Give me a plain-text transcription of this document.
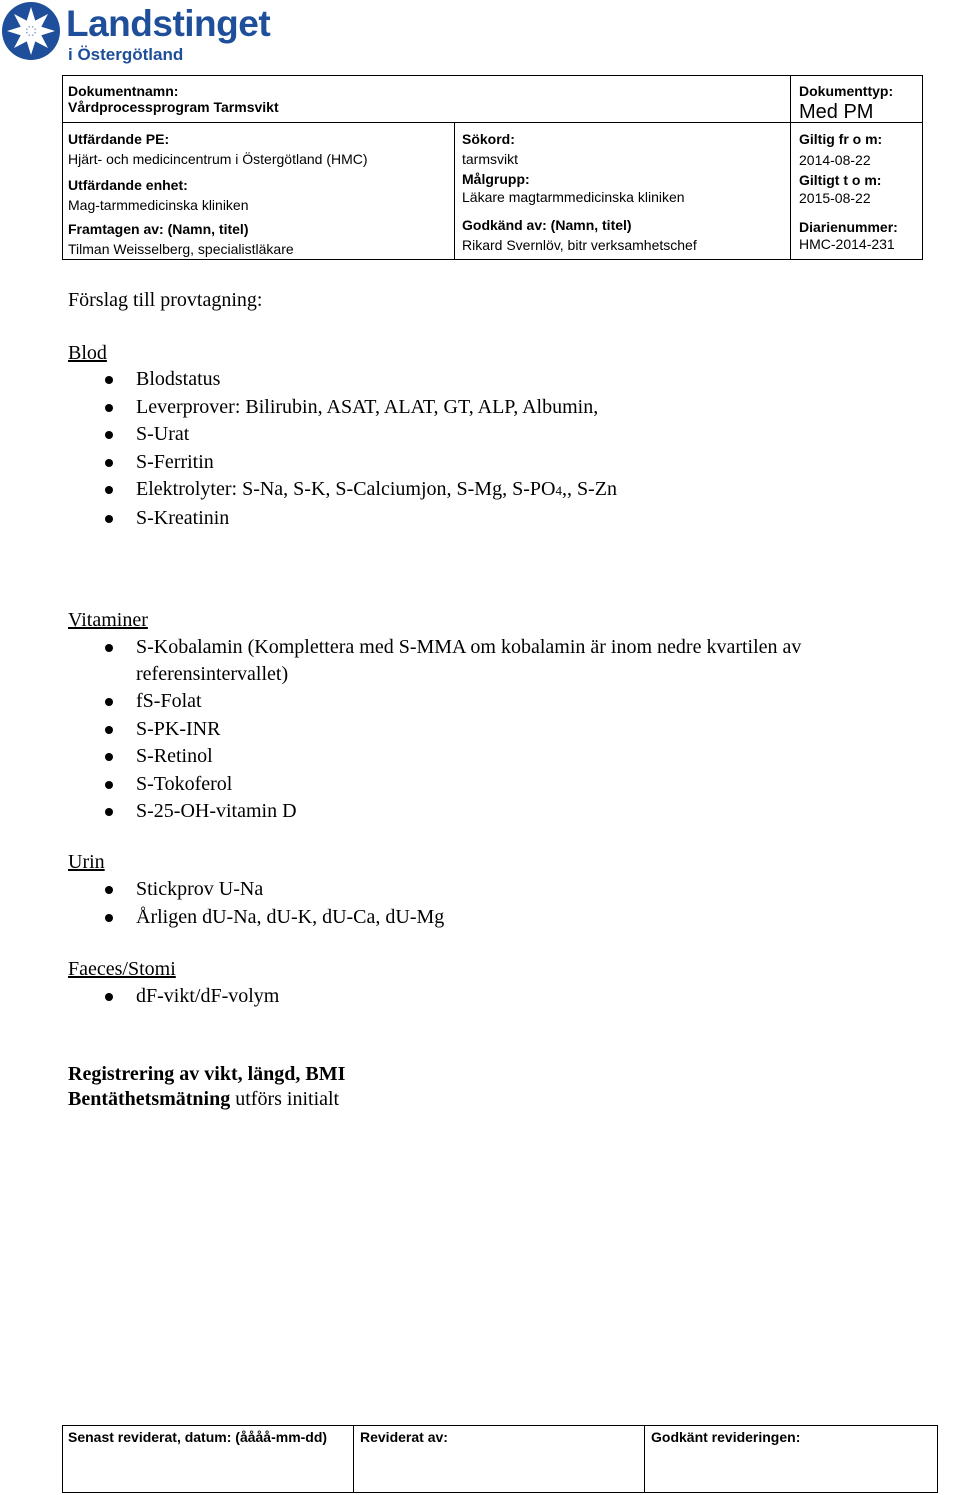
Landstinget
i Östergötland
Dokumentnamn:
Vårdprocessprogram Tarmsvikt
Dokumenttyp:
Med PM
Utfärdande PE:
Hjärt- och medicincentrum i Östergötland (HMC)
Utfärdande enhet:
Mag-tarmmedicinska kliniken
Framtagen av: (Namn, titel)
Tilman Weisselberg, specialistläkare
Sökord:
tarmsvikt
Målgrupp:
Läkare magtarmmedicinska kliniken
Godkänd av: (Namn, titel)
Rikard Svernlöv, bitr verksamhetschef
Giltig fr o m:
2014-08-22
Giltigt t o m:
2015-08-22
Diarienummer:
HMC-2014-231
Förslag till provtagning:
Blod
Blodstatus
Leverprover: Bilirubin, ASAT, ALAT, GT, ALP, Albumin,
S-Urat
S-Ferritin
Elektrolyter: S-Na, S-K, S-Calciumjon, S-Mg, S-PO4,, S-Zn
S-Kreatinin
Vitaminer
S-Kobalamin (Komplettera med S-MMA om kobalamin är inom nedre kvartilen av
referensintervallet)
fS-Folat
S-PK-INR
S-Retinol
S-Tokoferol
S-25-OH-vitamin D
Urin
Stickprov U-Na
Årligen dU-Na, dU-K, dU-Ca, dU-Mg
Faeces/Stomi
dF-vikt/dF-volym
Registrering av vikt, längd, BMI
Bentäthetsmätning utförs initialt
Senast reviderat, datum: (åååå-mm-dd) Reviderat av:	Godkänt revideringen:
